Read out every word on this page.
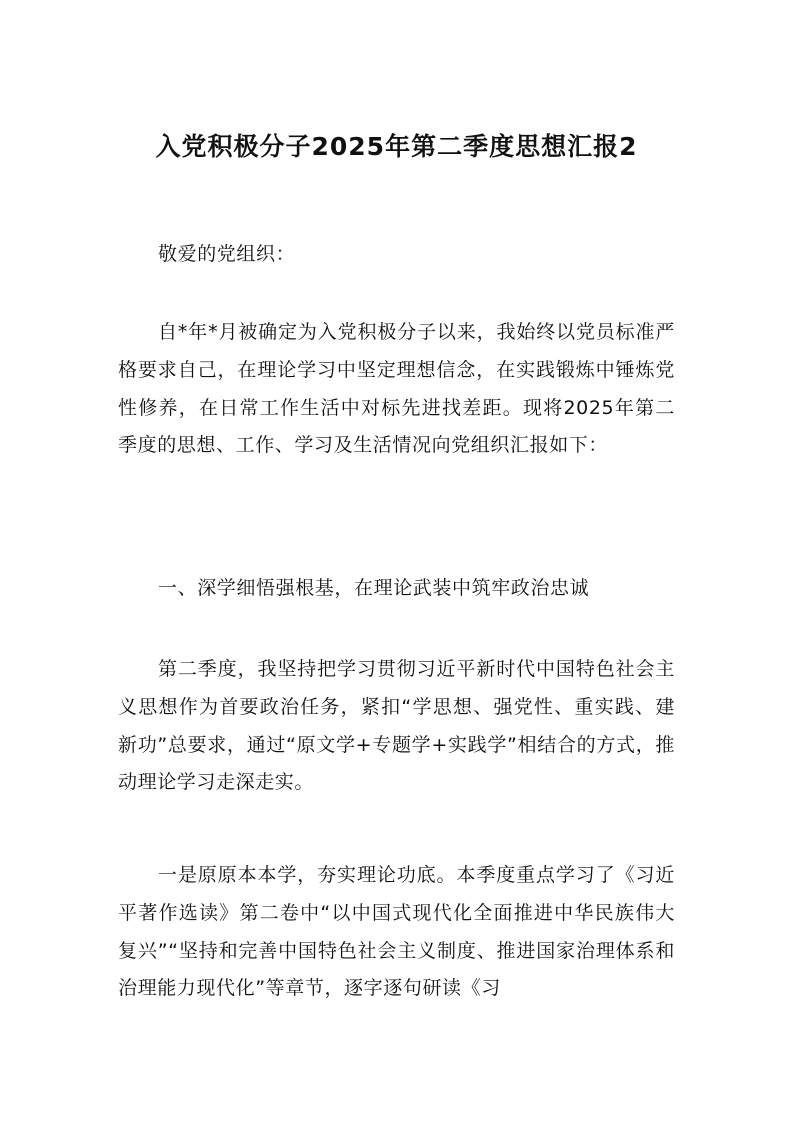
入党积极分子2025年第二季度思想汇报2

敬爱的党组织：

自*年*月被确定为入党积极分子以来，我始终以党员标准严格要求自己，在理论学习中坚定理想信念，在实践锻炼中锤炼党性修养，在日常工作生活中对标先进找差距。现将2025年第二季度的思想、工作、学习及生活情况向党组织汇报如下：

一、深学细悟强根基，在理论武装中筑牢政治忠诚

第二季度，我坚持把学习贯彻习近平新时代中国特色社会主义思想作为首要政治任务，紧扣“学思想、强党性、重实践、建新功”总要求，通过“原文学+专题学+实践学”相结合的方式，推动理论学习走深走实。

一是原原本本学，夯实理论功底。本季度重点学习了《习近平著作选读》第二卷中“以中国式现代化全面推进中华民族伟大复兴”“坚持和完善中国特色社会主义制度、推进国家治理体系和治理能力现代化”等章节，逐字逐句研读《习
